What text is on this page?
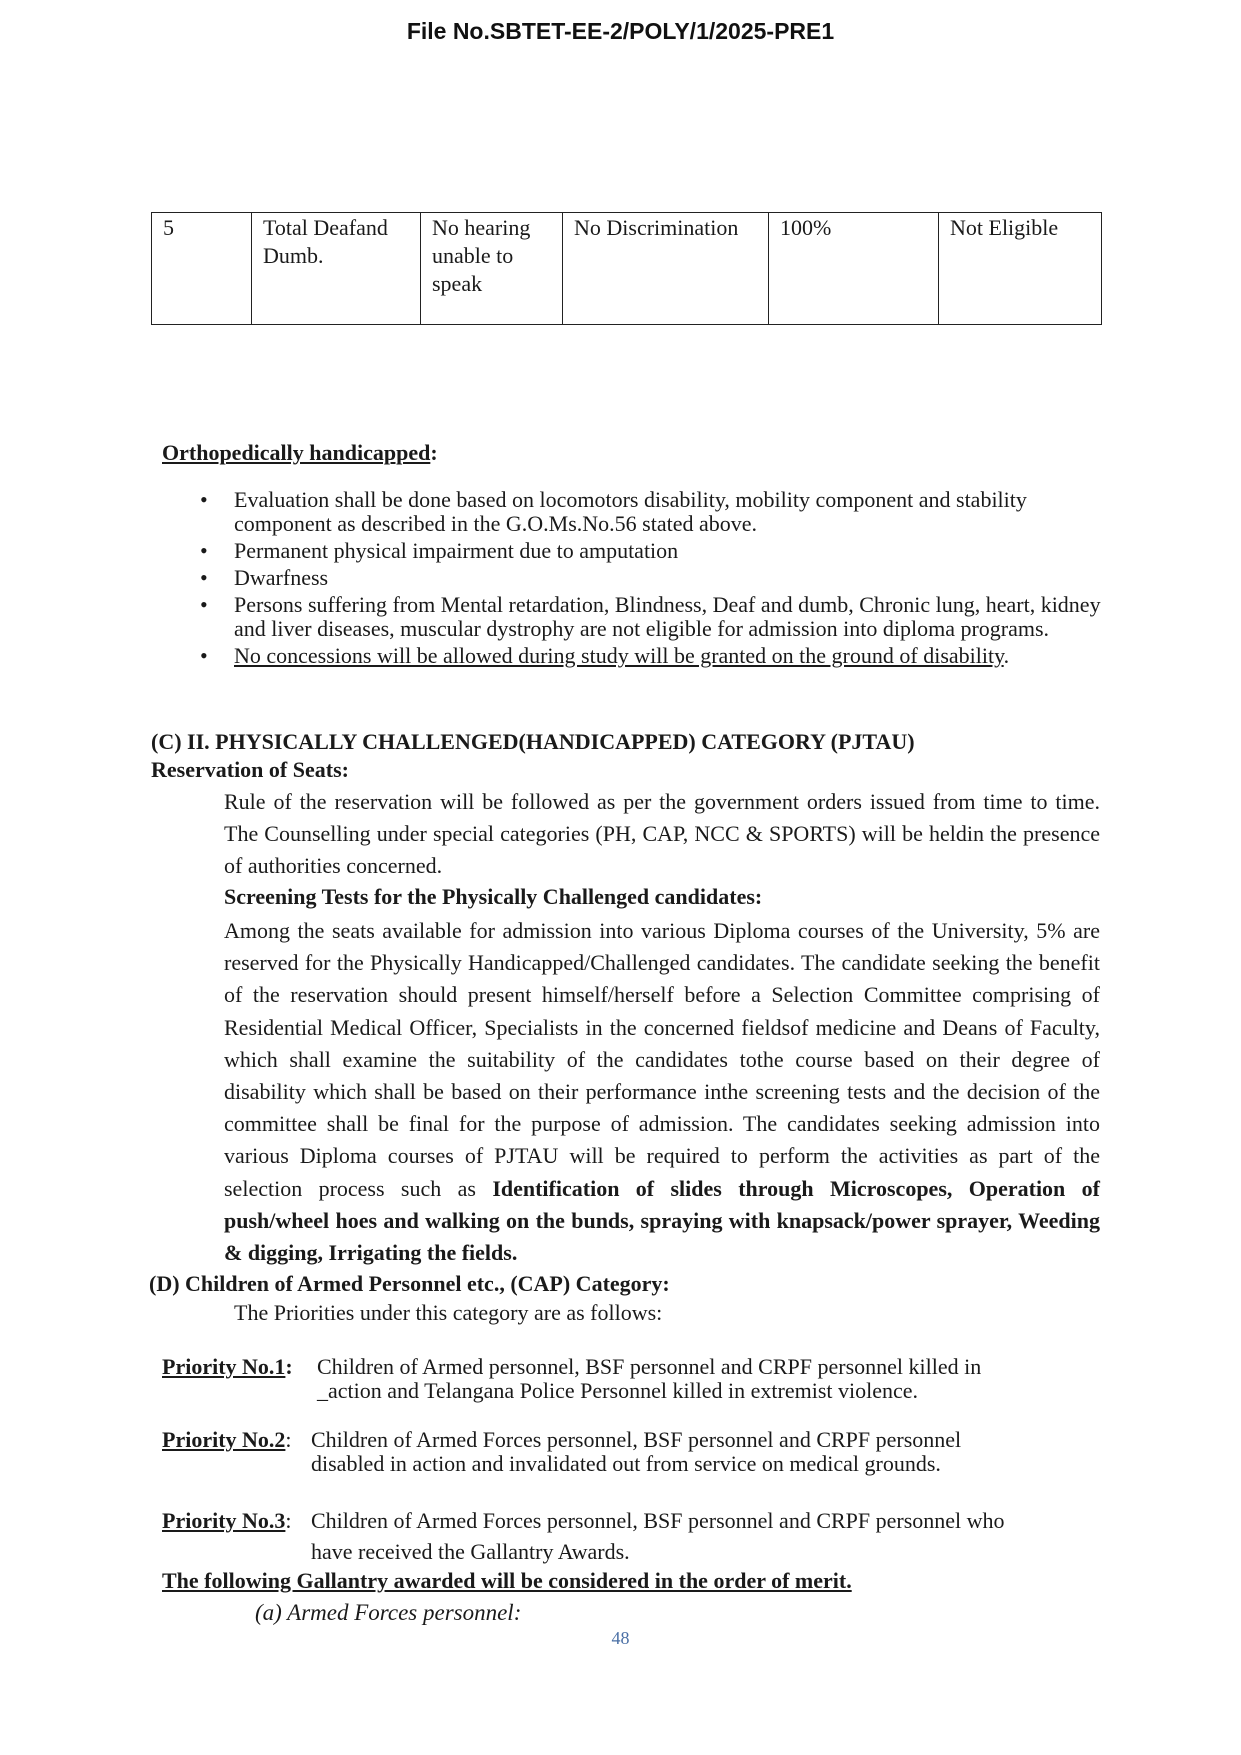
File No.SBTET-EE-2/POLY/1/2025-PRE1
5	Total Deafand Dumb.	No hearing unable to speak	No Discrimination	100%	Not Eligible
Orthopedically handicapped:
• Evaluation shall be done based on locomotors disability, mobility component and stability component as described in the G.O.Ms.No.56 stated above.
• Permanent physical impairment due to amputation
• Dwarfness
• Persons suffering from Mental retardation, Blindness, Deaf and dumb, Chronic lung, heart, kidney and liver diseases, muscular dystrophy are not eligible for admission into diploma programs.
• No concessions will be allowed during study will be granted on the ground of disability.
(C) II. PHYSICALLY CHALLENGED(HANDICAPPED) CATEGORY (PJTAU)
Reservation of Seats:
Rule of the reservation will be followed as per the government orders issued from time to time. The Counselling under special categories (PH, CAP, NCC & SPORTS) will be heldin the presence of authorities concerned.
Screening Tests for the Physically Challenged candidates:
Among the seats available for admission into various Diploma courses of the University, 5% are reserved for the Physically Handicapped/Challenged candidates. The candidate seeking the benefit of the reservation should present himself/herself before a Selection Committee comprising of Residential Medical Officer, Specialists in the concerned fieldsof medicine and Deans of Faculty, which shall examine the suitability of the candidates tothe course based on their degree of disability which shall be based on their performance inthe screening tests and the decision of the committee shall be final for the purpose of admission. The candidates seeking admission into various Diploma courses of PJTAU will be required to perform the activities as part of the selection process such as Identification of slides through Microscopes, Operation of push/wheel hoes and walking on the bunds, spraying with knapsack/power sprayer, Weeding & digging, Irrigating the fields.
(D) Children of Armed Personnel etc., (CAP) Category:
The Priorities under this category are as follows:
Priority No.1: Children of Armed personnel, BSF personnel and CRPF personnel killed in
_action and Telangana Police Personnel killed in extremist violence.
Priority No.2: Children of Armed Forces personnel, BSF personnel and CRPF personnel
disabled in action and invalidated out from service on medical grounds.
Priority No.3: Children of Armed Forces personnel, BSF personnel and CRPF personnel who
have received the Gallantry Awards.
The following Gallantry awarded will be considered in the order of merit.
(a) Armed Forces personnel:
48
